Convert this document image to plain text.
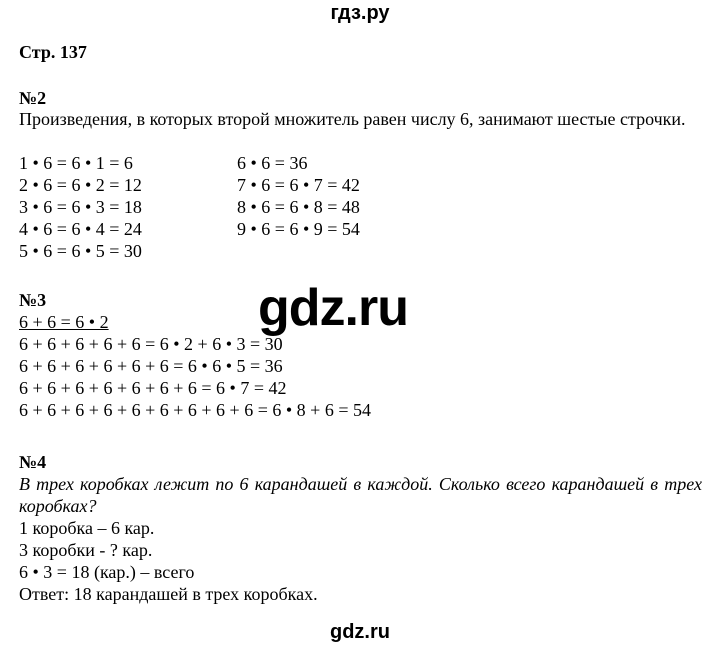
гдз.ру
Стр. 137
№2
Произведения, в которых второй множитель равен числу 6, занимают шестые строчки.
1 • 6 = 6 • 1 = 6
2 • 6 = 6 • 2 = 12
3 • 6 = 6 • 3 = 18
4 • 6 = 6 • 4 = 24
5 • 6 = 6 • 5 = 30
6 • 6 = 36
7 • 6 = 6 • 7 = 42
8 • 6 = 6 • 8 = 48
9 • 6 = 6 • 9 = 54
gdz.ru
№3
6 + 6 = 6 • 2
6 + 6 + 6 + 6 + 6 = 6 • 2 + 6 • 3 = 30
6 + 6 + 6 + 6 + 6 + 6 = 6 • 6 • 5 = 36
6 + 6 + 6 + 6 + 6 + 6 + 6 = 6 • 7 = 42
6 + 6 + 6 + 6 + 6 + 6 + 6 + 6 + 6 = 6 • 8 + 6 = 54
№4
В трех коробках лежит по 6 карандашей в каждой. Сколько всего карандашей в трех коробках?
1 коробка – 6 кар.
3 коробки - ? кар.
6 • 3 = 18 (кар.) – всего
Ответ: 18 карандашей в трех коробках.
gdz.ru
